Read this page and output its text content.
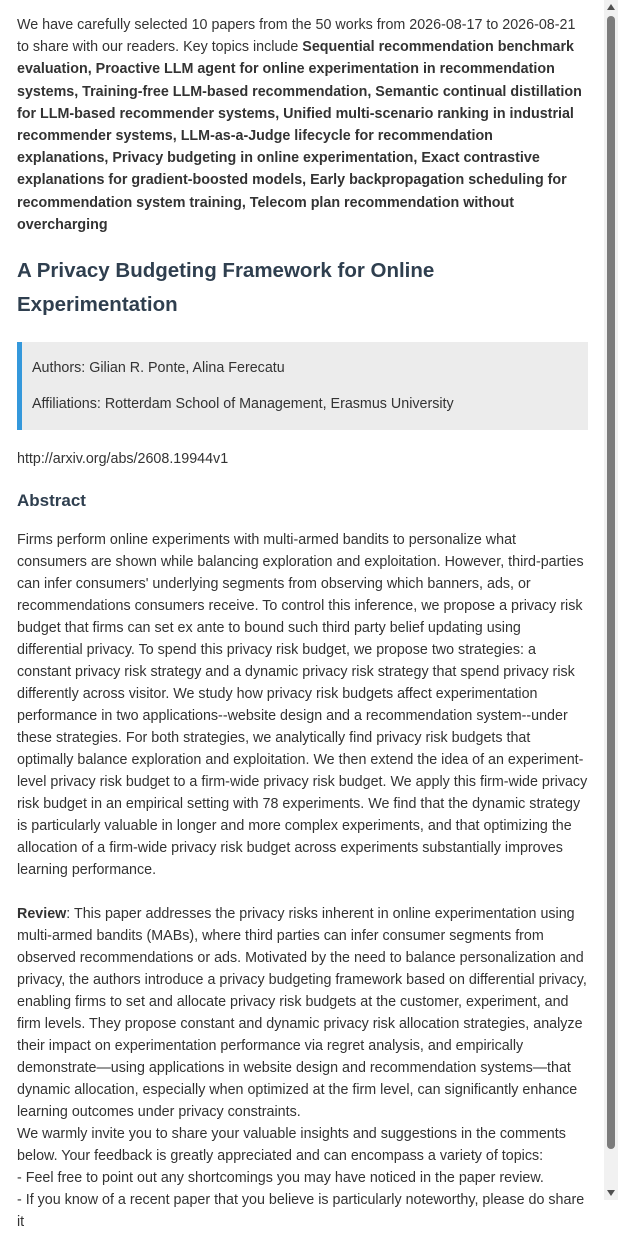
We have carefully selected 10 papers from the 50 works from 2026-08-17 to 2026-08-21 to share with our readers. Key topics include Sequential recommendation benchmark evaluation, Proactive LLM agent for online experimentation in recommendation systems, Training-free LLM-based recommendation, Semantic continual distillation for LLM-based recommender systems, Unified multi-scenario ranking in industrial recommender systems, LLM-as-a-Judge lifecycle for recommendation explanations, Privacy budgeting in online experimentation, Exact contrastive explanations for gradient-boosted models, Early backpropagation scheduling for recommendation system training, Telecom plan recommendation without overcharging

A Privacy Budgeting Framework for Online Experimentation

Authors: Gilian R. Ponte, Alina Ferecatu

Affiliations: Rotterdam School of Management, Erasmus University

http://arxiv.org/abs/2608.19944v1

Abstract

Firms perform online experiments with multi-armed bandits to personalize what consumers are shown while balancing exploration and exploitation. However, third-parties can infer consumers' underlying segments from observing which banners, ads, or recommendations consumers receive. To control this inference, we propose a privacy risk budget that firms can set ex ante to bound such third party belief updating using differential privacy. To spend this privacy risk budget, we propose two strategies: a constant privacy risk strategy and a dynamic privacy risk strategy that spend privacy risk differently across visitor. We study how privacy risk budgets affect experimentation performance in two applications--website design and a recommendation system--under these strategies. For both strategies, we analytically find privacy risk budgets that optimally balance exploration and exploitation. We then extend the idea of an experiment-level privacy risk budget to a firm-wide privacy risk budget. We apply this firm-wide privacy risk budget in an empirical setting with 78 experiments. We find that the dynamic strategy is particularly valuable in longer and more complex experiments, and that optimizing the allocation of a firm-wide privacy risk budget across experiments substantially improves learning performance.

Review: This paper addresses the privacy risks inherent in online experimentation using multi-armed bandits (MABs), where third parties can infer consumer segments from observed recommendations or ads. Motivated by the need to balance personalization and privacy, the authors introduce a privacy budgeting framework based on differential privacy, enabling firms to set and allocate privacy risk budgets at the customer, experiment, and firm levels. They propose constant and dynamic privacy risk allocation strategies, analyze their impact on experimentation performance via regret analysis, and empirically demonstrate—using applications in website design and recommendation systems—that dynamic allocation, especially when optimized at the firm level, can significantly enhance learning outcomes under privacy constraints.

We warmly invite you to share your valuable insights and suggestions in the comments below. Your feedback is greatly appreciated and can encompass a variety of topics:
- Feel free to point out any shortcomings you may have noticed in the paper review.
- If you know of a recent paper that you believe is particularly noteworthy, please do share it
